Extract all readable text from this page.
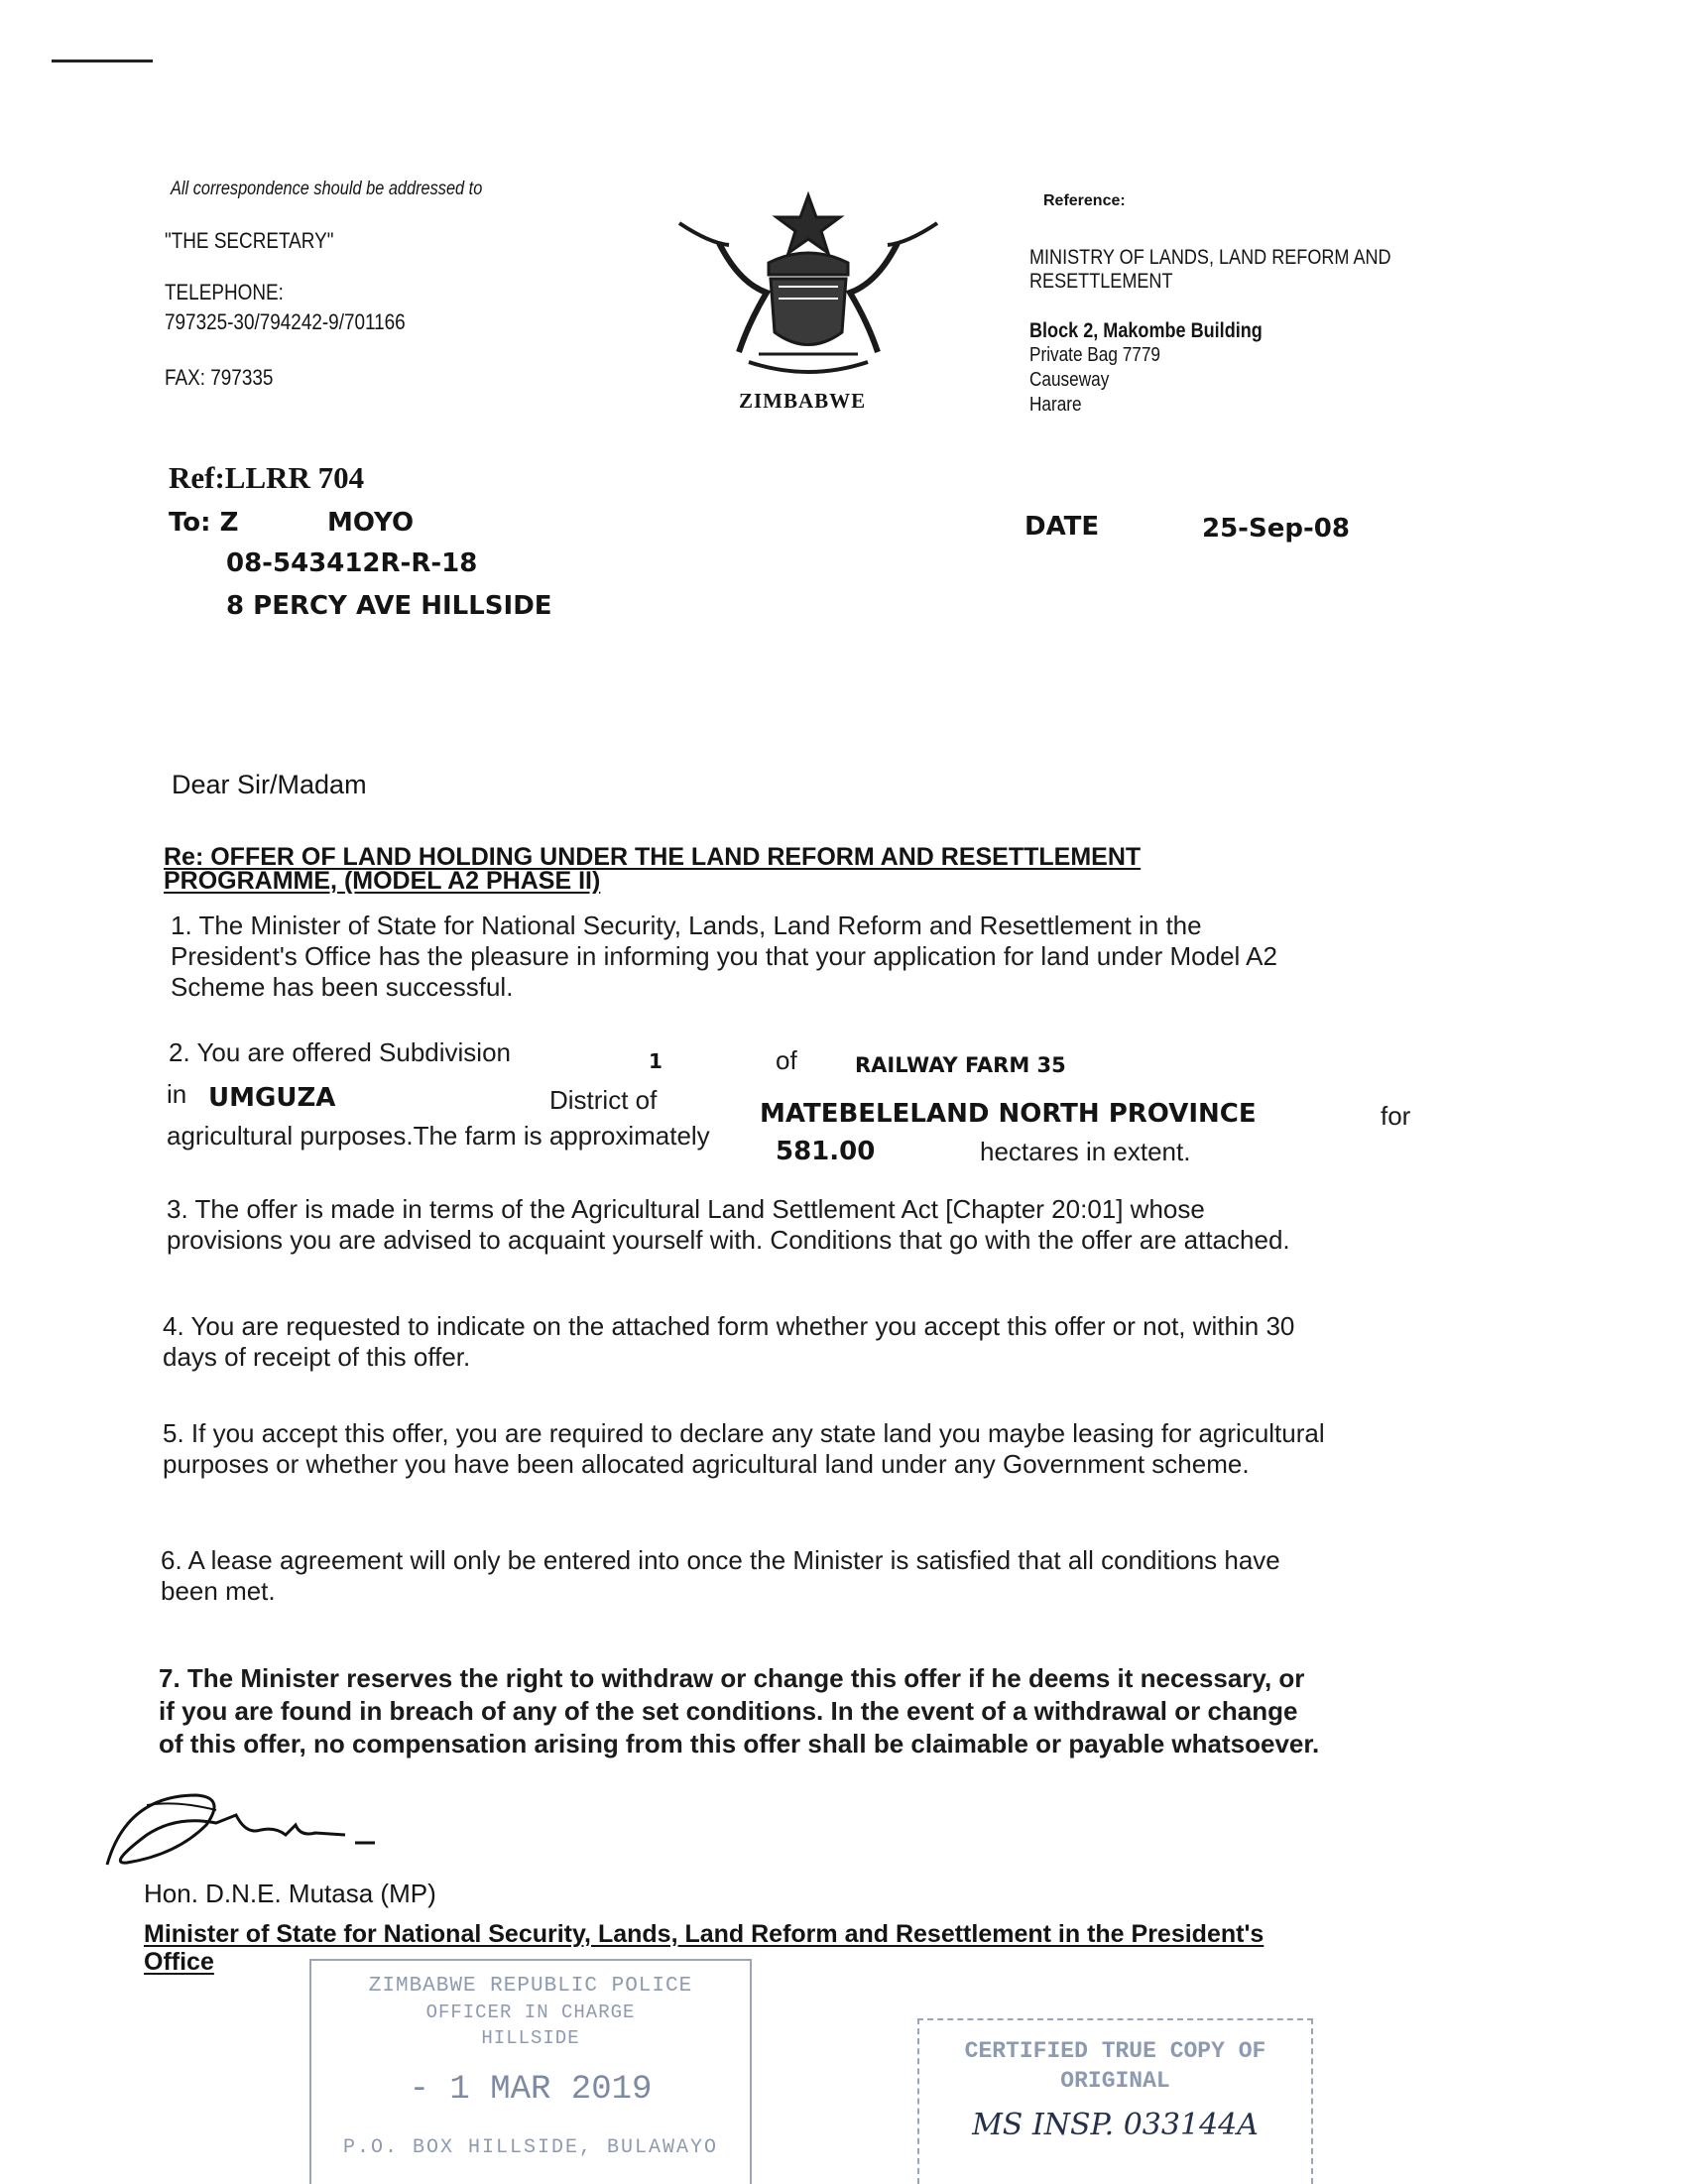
All correspondence should be addressed to
"THE SECRETARY"
TELEPHONE:
797325-30/794242-9/701166
FAX: 797335
ZIMBABWE
Reference:
MINISTRY OF LANDS, LAND REFORM AND
RESETTLEMENT
Block 2, Makombe Building
Private Bag 7779
Causeway
Harare
Ref:LLRR 704
To: Z	MOYO
08-543412R-R-18
8 PERCY AVE HILLSIDE
DATE	25-Sep-08
Dear Sir/Madam
Re: OFFER OF LAND HOLDING UNDER THE LAND REFORM AND RESETTLEMENT
PROGRAMME, (MODEL A2 PHASE II)
1. The Minister of State for National Security, Lands, Land Reform and Resettlement in the
President's Office has the pleasure in informing you that your application for land under Model A2
Scheme has been successful.
2. You are offered Subdivision	1	of	RAILWAY FARM 35
in UMGUZA	District of	MATEBELELAND NORTH PROVINCE	for
agricultural purposes.The farm is approximately
581.00	hectares in extent.
3. The offer is made in terms of the Agricultural Land Settlement Act [Chapter 20:01] whose
provisions you are advised to acquaint yourself with. Conditions that go with the offer are attached.
4. You are requested to indicate on the attached form whether you accept this offer or not, within 30
days of receipt of this offer.
5. If you accept this offer, you are required to declare any state land you maybe leasing for agricultural
purposes or whether you have been allocated agricultural land under any Government scheme.
6. A lease agreement will only be entered into once the Minister is satisfied that all conditions have
been met.
7. The Minister reserves the right to withdraw or change this offer if he deems it necessary, or
if you are found in breach of any of the set conditions. In the event of a withdrawal or change
of this offer, no compensation arising from this offer shall be claimable or payable whatsoever.
Hon. D.N.E. Mutasa (MP)
Minister of State for National Security, Lands, Land Reform and Resettlement in the President's
Office
ZIMBABWE REPUBLIC POLICE
OFFICER IN CHARGE
HILLSIDE
- 1 MAR 2019
P.O. BOX HILLSIDE, BULAWAYO
CERTIFIED TRUE COPY OF
ORIGINAL
MS INSP. 033144A
